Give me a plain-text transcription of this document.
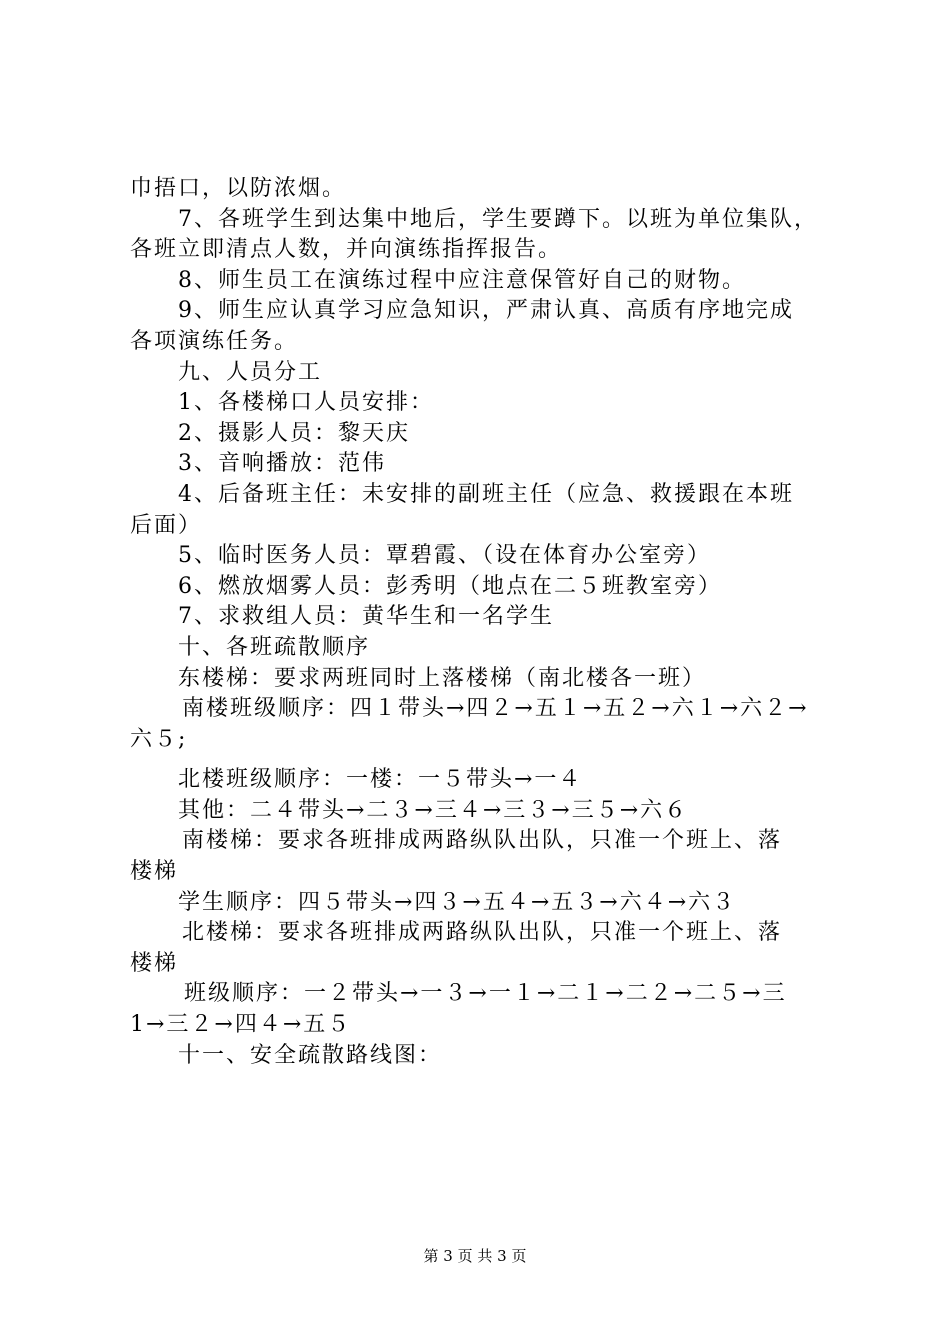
巾捂口，以防浓烟。
7、各班学生到达集中地后，学生要蹲下。以班为单位集队，
各班立即清点人数，并向演练指挥报告。
8、师生员工在演练过程中应注意保管好自己的财物。
9、师生应认真学习应急知识，严肃认真、高质有序地完成
各项演练任务。
九、人员分工
1、各楼梯口人员安排：
2、摄影人员：黎天庆
3、音响播放：范伟
4、后备班主任：未安排的副班主任（应急、救援跟在本班
后面）
5、临时医务人员：覃碧霞、（设在体育办公室旁）
6、燃放烟雾人员：彭秀明（地点在二５班教室旁）
7、求救组人员：黄华生和一名学生
十、各班疏散顺序
东楼梯：要求两班同时上落楼梯（南北楼各一班）
南楼班级顺序：四１带头→四２→五１→五２→六１→六２→
六５;
北楼班级顺序：一楼：一５带头→一４
其他：二４带头→二３→三４→三３→三５→六６
南楼梯：要求各班排成两路纵队出队，只准一个班上、落
楼梯
学生顺序：四５带头→四３→五４→五３→六４→六３
北楼梯：要求各班排成两路纵队出队，只准一个班上、落
楼梯
班级顺序：一２带头→一３→一１→二１→二２→二５→三
1→三２→四４→五５
十一、安全疏散路线图：
第 3 页 共 3 页
